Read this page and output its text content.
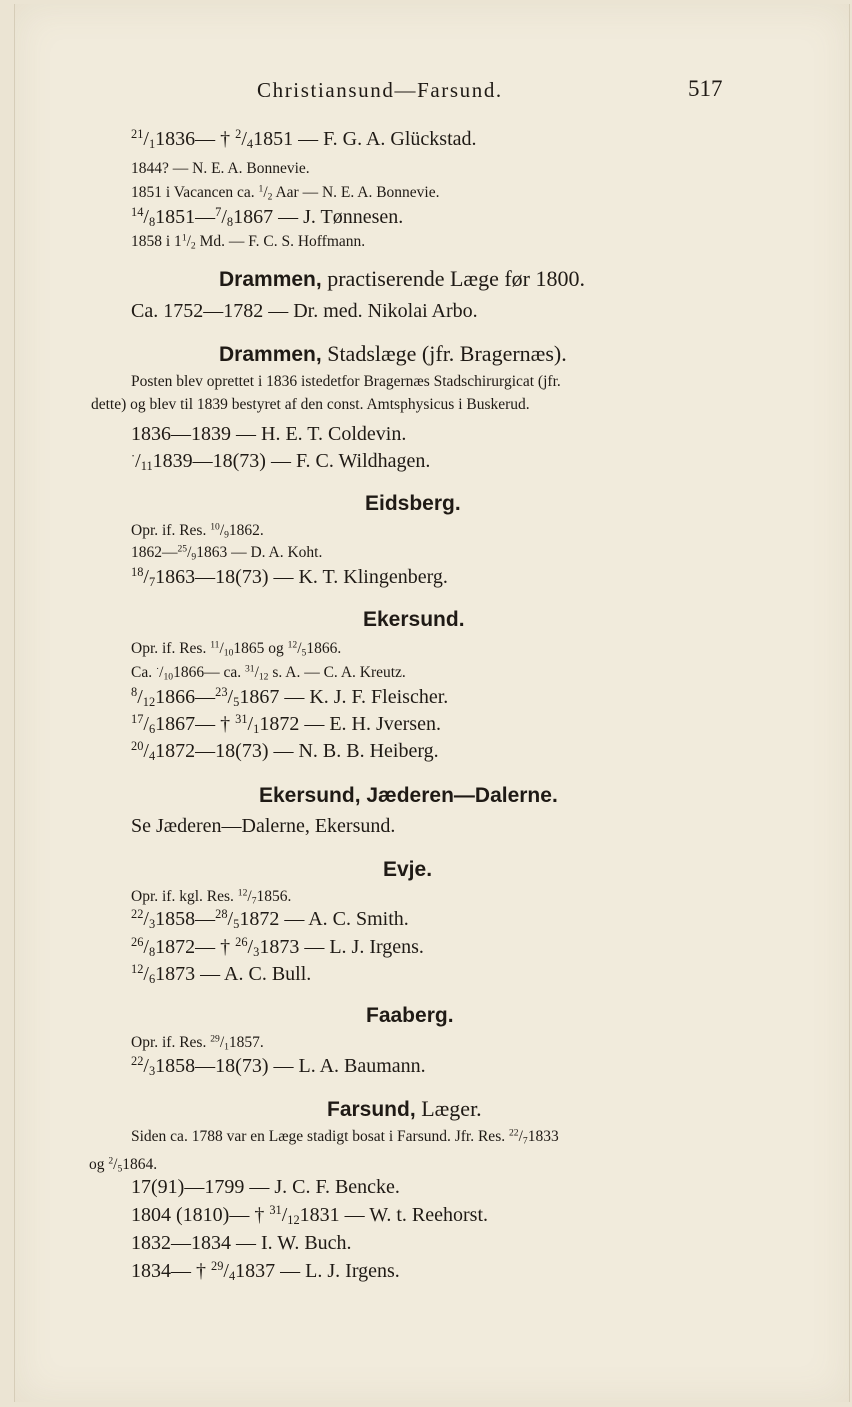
Christiansund—Farsund.	517
$^{21}/_11836—$ † $^2/_41851$ — F. G. A. Glückstad.
1844? — N. E. A. Bonnevie.
1851 i Vacancen ca. $^1/_2$ Aar — N. E. A. Bonnevie.
$^{14}/_81851—^7/_81867$ — J. Tønnesen.
1858 i $1^1/_2$ Md. — F. C. S. Hoffmann.
Drammen, practiserende Læge før 1800.
Ca. 1752—1782 — Dr. med. Nikolai Arbo.
Drammen, Stadslæge (jfr. Bragernæs).
Posten blev oprettet i 1836 istedetfor Bragernæs Stadschirurgicat (jfr.
dette) og blev til 1839 bestyret af den const. Amtsphysicus i Buskerud.
1836—1839 — H. E. T. Coldevin.
$^\cdot/_{11}1839—18(73)$ — F. C. Wildhagen.
Eidsberg.
Opr. if. Res. $^{10}/_91862$.
$1862—^{25}/_91863$ — D. A. Koht.
$^{18}/_71863—18(73)$ — K. T. Klingenberg.
Ekersund.
Opr. if. Res. $^{11}/_{10}1865$ og $^{12}/_51866$.
Ca. $^\cdot/_{10}1866—$ ca. $^{31}/_{12}$ s. A. — C. A. Kreutz.
$^8/_{12}1866—^{23}/_51867$ — K. J. F. Fleischer.
$^{17}/_61867—$ † $^{31}/_11872$ — E. H. Jversen.
$^{20}/_41872—18(73)$ — N. B. B. Heiberg.
Ekersund, Jæderen—Dalerne.
Se Jæderen—Dalerne, Ekersund.
Evje.
Opr. if. kgl. Res. $^{12}/_71856$.
$^{22}/_31858—^{28}/_51872$ — A. C. Smith.
$^{26}/_81872—$ † $^{26}/_31873$ — L. J. Irgens.
$^{12}/_61873$ — A. C. Bull.
Faaberg.
Opr. if. Res. $^{29}/_11857$.
$^{22}/_31858—18(73)$ — L. A. Baumann.
Farsund, Læger.
Siden ca. 1788 var en Læge stadigt bosat i Farsund. Jfr. Res. $^{22}/_71833$
og $^2/_51864$.
17(91)—1799 — J. C. F. Bencke.
1804 (1810)— † $^{31}/_{12}1831$ — W. t. Reehorst.
1832—1834 — I. W. Buch.
1834— † $^{29}/_41837$ — L. J. Irgens.
